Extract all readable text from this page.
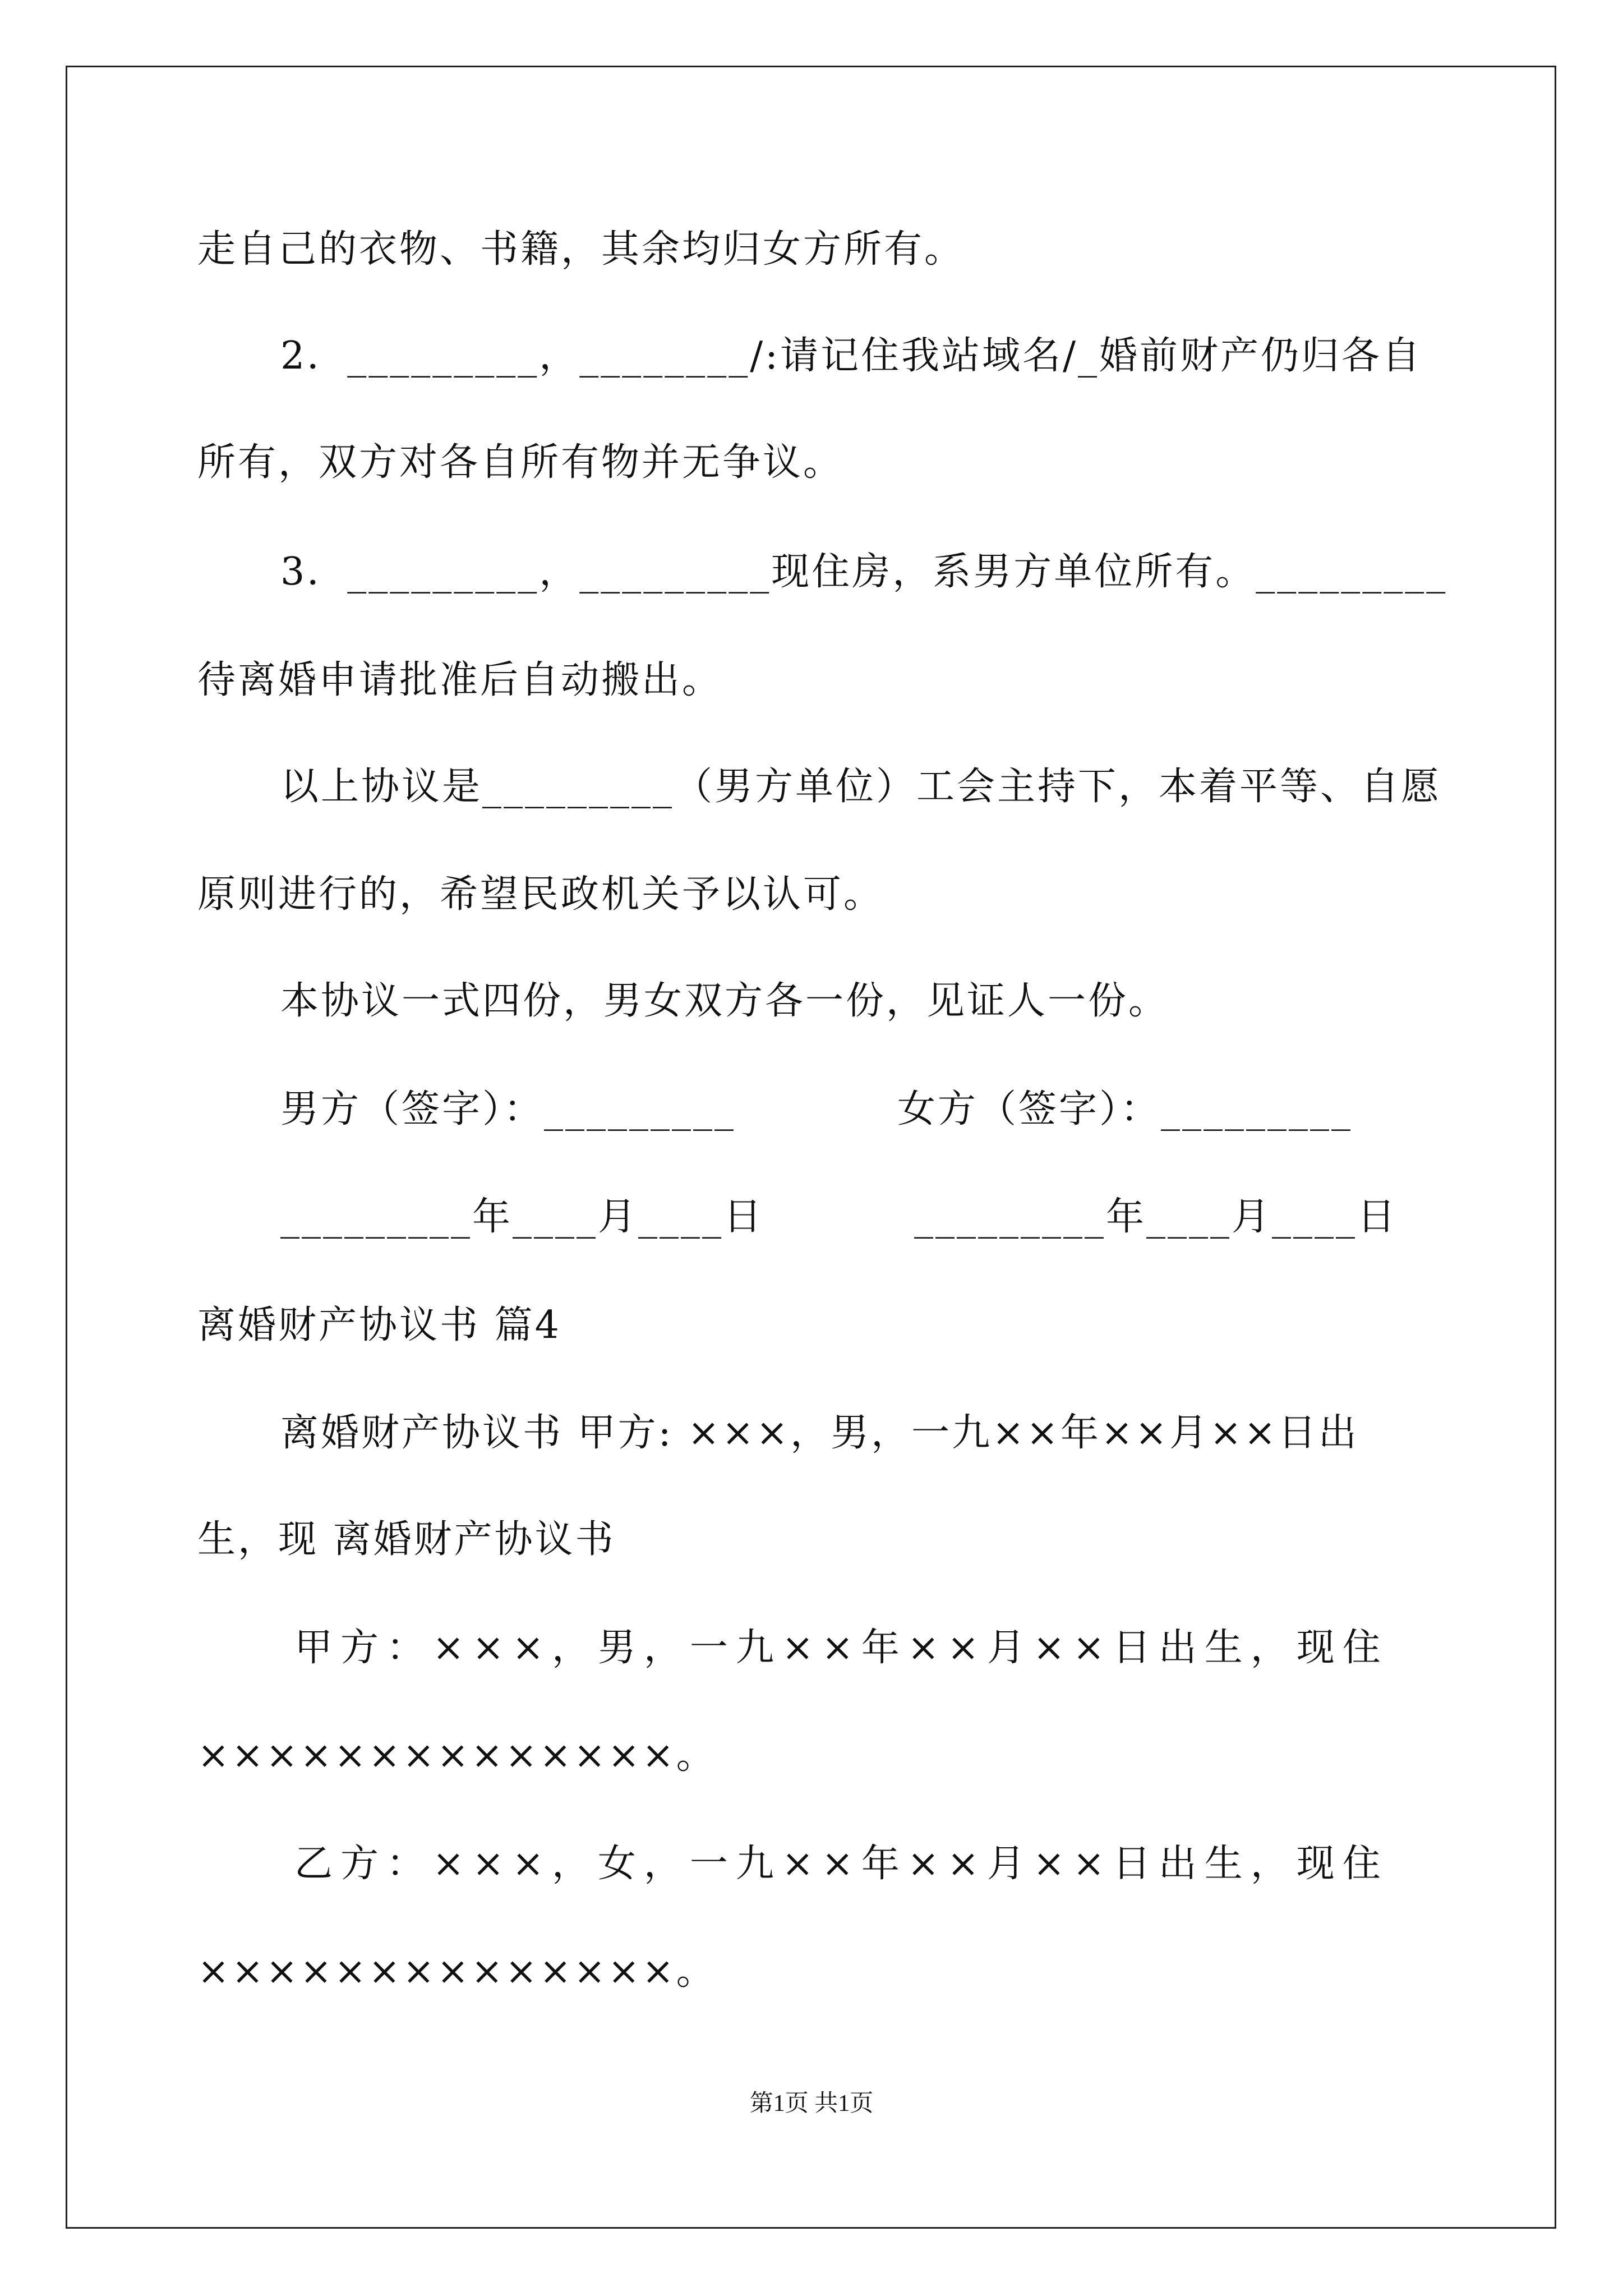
走自己的衣物、书籍，其余均归女方所有。
2．_________，________/:请记住我站域名/_婚前财产仍归各自
所有，双方对各自所有物并无争议。
3．_________，_________现住房，系男方单位所有。_________
待离婚申请批准后自动搬出。
以上协议是_________（男方单位）工会主持下，本着平等、自愿
原则进行的，希望民政机关予以认可。
本协议一式四份，男女双方各一份，见证人一份。
男方（签字）：_________	女方（签字）：_________
_________年____月____日	_________年____月____日
离婚财产协议书 篇4
离婚财产协议书 甲方: ×××，男，一九××年××月××日出
生，现 离婚财产协议书
甲方：×××，男，一九××年××月××日出生，现住
××××××××××××××。
乙方：×××，女，一九××年××月××日出生，现住
××××××××××××××。
第1页 共1页
